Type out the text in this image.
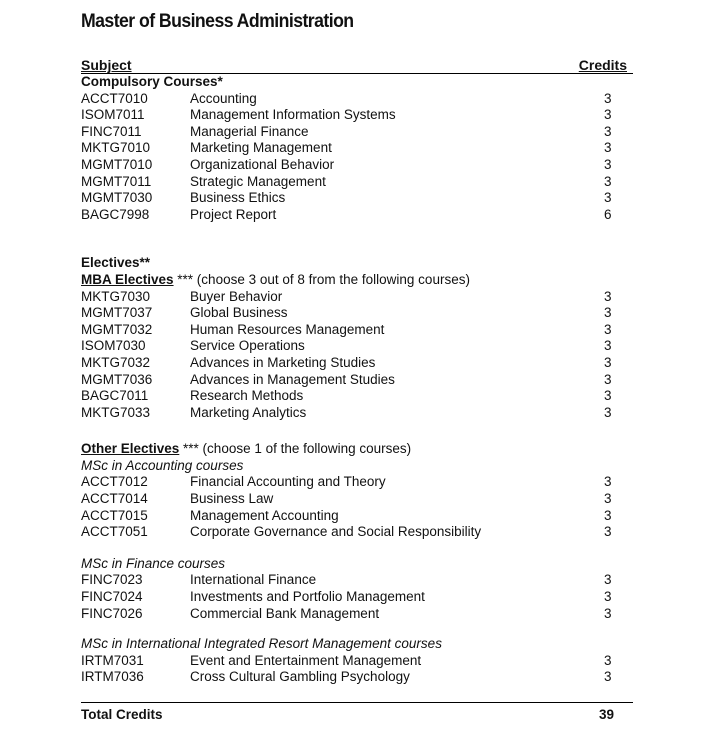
Master of Business Administration
Subject	Credits
Compulsory Courses*
ACCT7010	Accounting	3
ISOM7011	Management Information Systems	3
FINC7011	Managerial Finance	3
MKTG7010	Marketing Management	3
MGMT7010	Organizational Behavior	3
MGMT7011	Strategic Management	3
MGMT7030	Business Ethics	3
BAGC7998	Project Report	6
Electives**
MBA Electives *** (choose 3 out of 8 from the following courses)
MKTG7030	Buyer Behavior	3
MGMT7037	Global Business	3
MGMT7032	Human Resources Management	3
ISOM7030	Service Operations	3
MKTG7032	Advances in Marketing Studies	3
MGMT7036	Advances in Management Studies	3
BAGC7011	Research Methods	3
MKTG7033	Marketing Analytics	3
Other Electives *** (choose 1 of the following courses)
MSc in Accounting courses
ACCT7012	Financial Accounting and Theory	3
ACCT7014	Business Law	3
ACCT7015	Management Accounting	3
ACCT7051	Corporate Governance and Social Responsibility	3
MSc in Finance courses
FINC7023	International Finance	3
FINC7024	Investments and Portfolio Management	3
FINC7026	Commercial Bank Management	3
MSc in International Integrated Resort Management courses
IRTM7031	Event and Entertainment Management	3
IRTM7036	Cross Cultural Gambling Psychology	3
Total Credits	39
